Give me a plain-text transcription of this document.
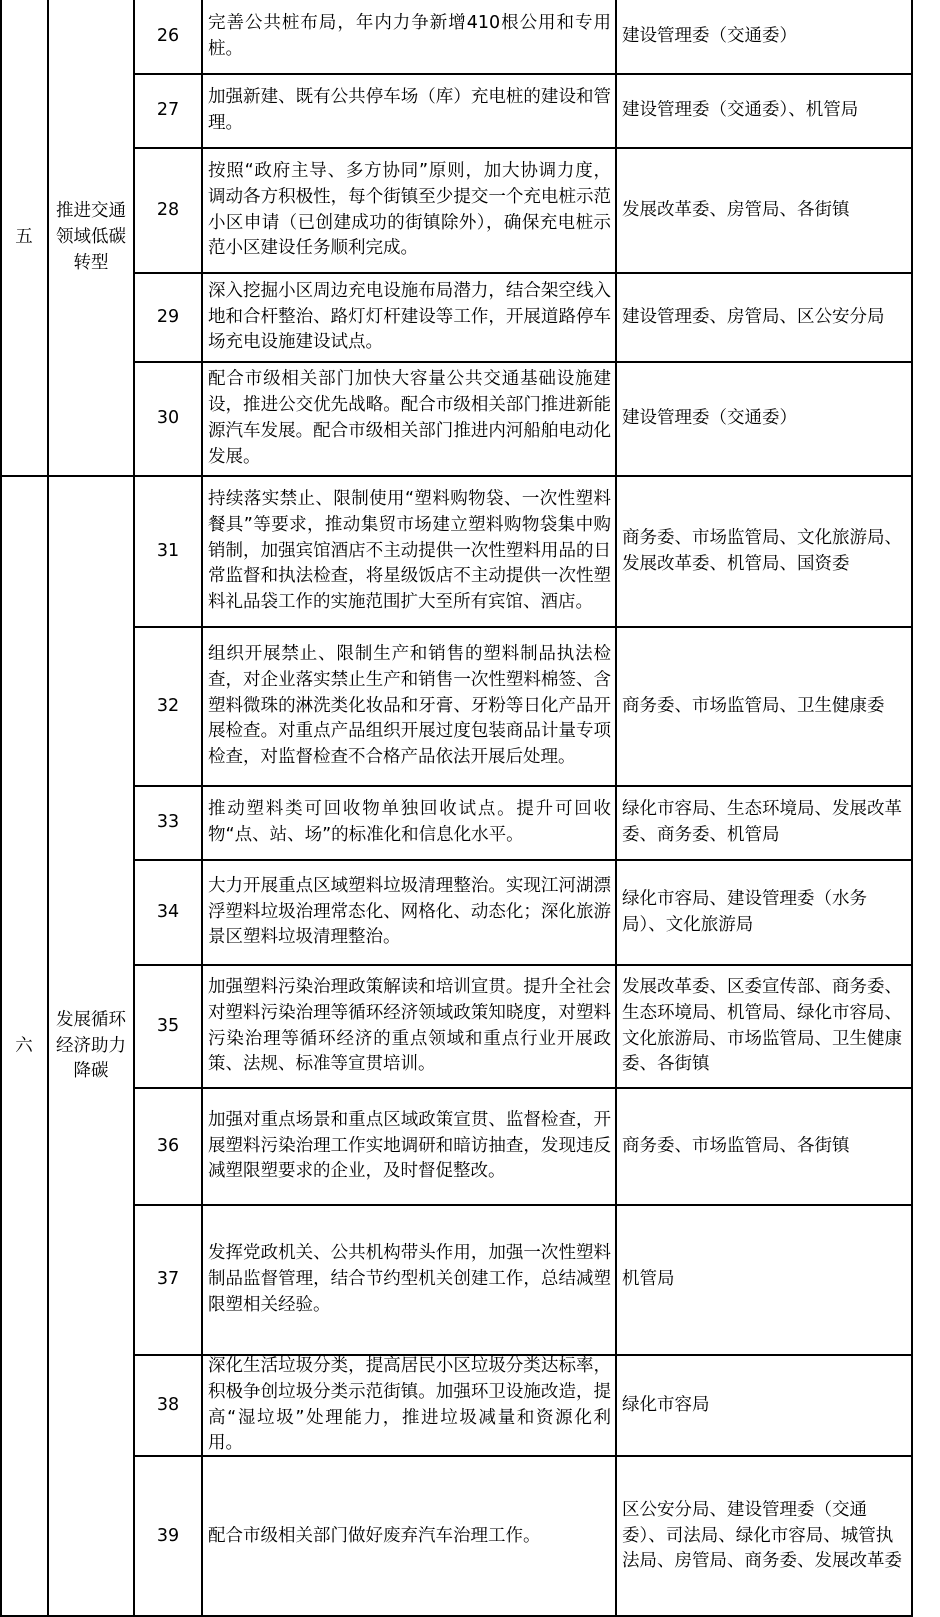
五
推进交通
领域低碳
转型
六
发展循环
经济助力
降碳
26
完善公共桩布局，年内力争新增410根公用和专用桩。
建设管理委（交通委）
27
加强新建、既有公共停车场（库）充电桩的建设和管理。
建设管理委（交通委）、机管局
28
按照“政府主导、多方协同”原则，加大协调力度，调动各方积极性，每个街镇至少提交一个充电桩示范小区申请（已创建成功的街镇除外），确保充电桩示范小区建设任务顺利完成。
发展改革委、房管局、各街镇
29
深入挖掘小区周边充电设施布局潜力，结合架空线入地和合杆整治、路灯灯杆建设等工作，开展道路停车场充电设施建设试点。
建设管理委、房管局、区公安分局
30
配合市级相关部门加快大容量公共交通基础设施建设，推进公交优先战略。配合市级相关部门推进新能源汽车发展。配合市级相关部门推进内河船舶电动化发展。
建设管理委（交通委）
31
持续落实禁止、限制使用“塑料购物袋、一次性塑料餐具”等要求，推动集贸市场建立塑料购物袋集中购销制，加强宾馆酒店不主动提供一次性塑料用品的日常监督和执法检查，将星级饭店不主动提供一次性塑料礼品袋工作的实施范围扩大至所有宾馆、酒店。
商务委、市场监管局、文化旅游局、发展改革委、机管局、国资委
32
组织开展禁止、限制生产和销售的塑料制品执法检查，对企业落实禁止生产和销售一次性塑料棉签、含塑料微珠的淋洗类化妆品和牙膏、牙粉等日化产品开展检查。对重点产品组织开展过度包装商品计量专项检查，对监督检查不合格产品依法开展后处理。
商务委、市场监管局、卫生健康委
33
推动塑料类可回收物单独回收试点。提升可回收物“点、站、场”的标准化和信息化水平。
绿化市容局、生态环境局、发展改革委、商务委、机管局
34
大力开展重点区域塑料垃圾清理整治。实现江河湖漂浮塑料垃圾治理常态化、网格化、动态化；深化旅游景区塑料垃圾清理整治。
绿化市容局、建设管理委（水务局）、文化旅游局
35
加强塑料污染治理政策解读和培训宣贯。提升全社会对塑料污染治理等循环经济领域政策知晓度，对塑料污染治理等循环经济的重点领域和重点行业开展政策、法规、标准等宣贯培训。
发展改革委、区委宣传部、商务委、生态环境局、机管局、绿化市容局、文化旅游局、市场监管局、卫生健康委、各街镇
36
加强对重点场景和重点区域政策宣贯、监督检查，开展塑料污染治理工作实地调研和暗访抽查，发现违反减塑限塑要求的企业，及时督促整改。
商务委、市场监管局、各街镇
37
发挥党政机关、公共机构带头作用，加强一次性塑料制品监督管理，结合节约型机关创建工作，总结减塑限塑相关经验。
机管局
38
深化生活垃圾分类，提高居民小区垃圾分类达标率，积极争创垃圾分类示范街镇。加强环卫设施改造，提高“湿垃圾”处理能力，推进垃圾减量和资源化利用。
绿化市容局
39 配合市级相关部门做好废弃汽车治理工作。
区公安分局、建设管理委（交通委）、司法局、绿化市容局、城管执法局、房管局、商务委、发展改革委
